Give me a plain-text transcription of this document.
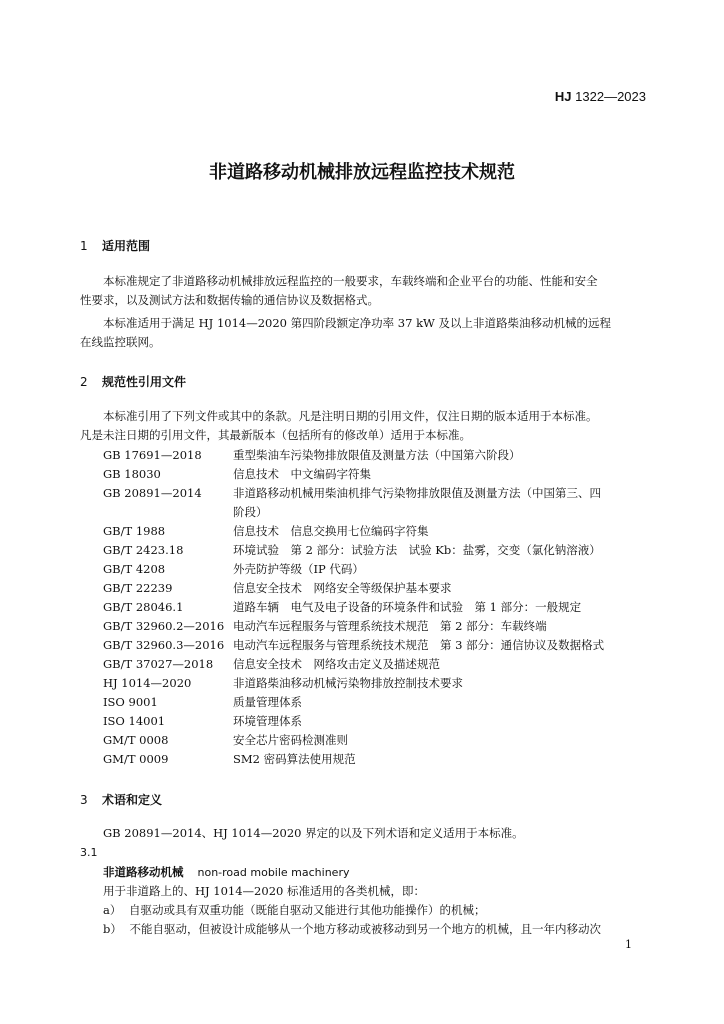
HJ 1322—2023
非道路移动机械排放远程监控技术规范
1 适用范围
本标准规定了非道路移动机械排放远程监控的一般要求，车载终端和企业平台的功能、性能和安全
性要求，以及测试方法和数据传输的通信协议及数据格式。
本标准适用于满足 HJ 1014—2020 第四阶段额定净功率 37 kW 及以上非道路柴油移动机械的远程
在线监控联网。
2 规范性引用文件
本标准引用了下列文件或其中的条款。凡是注明日期的引用文件，仅注日期的版本适用于本标准。
凡是未注日期的引用文件，其最新版本（包括所有的修改单）适用于本标准。
GB 17691—2018	重型柴油车污染物排放限值及测量方法（中国第六阶段）
GB 18030	信息技术　中文编码字符集
GB 20891—2014	非道路移动机械用柴油机排气污染物排放限值及测量方法（中国第三、四
阶段）
GB/T 1988	信息技术　信息交换用七位编码字符集
GB/T 2423.18	环境试验　第 2 部分：试验方法　试验 Kb：盐雾，交变（氯化钠溶液）
GB/T 4208	外壳防护等级（IP 代码）
GB/T 22239	信息安全技术　网络安全等级保护基本要求
GB/T 28046.1	道路车辆　电气及电子设备的环境条件和试验　第 1 部分：一般规定
GB/T 32960.2—2016 电动汽车远程服务与管理系统技术规范　第 2 部分：车载终端
GB/T 32960.3—2016 电动汽车远程服务与管理系统技术规范　第 3 部分：通信协议及数据格式
GB/T 37027—2018 信息安全技术　网络攻击定义及描述规范
HJ 1014—2020	非道路柴油移动机械污染物排放控制技术要求
ISO 9001	质量管理体系
ISO 14001	环境管理体系
GM/T 0008	安全芯片密码检测准则
GM/T 0009	SM2 密码算法使用规范
3 术语和定义
GB 20891—2014、HJ 1014—2020 界定的以及下列术语和定义适用于本标准。
3.1
非道路移动机械 non-road mobile machinery
用于非道路上的、HJ 1014—2020 标准适用的各类机械，即：
a） 自驱动或具有双重功能（既能自驱动又能进行其他功能操作）的机械；
b） 不能自驱动，但被设计成能够从一个地方移动或被移动到另一个地方的机械，且一年内移动次
1
